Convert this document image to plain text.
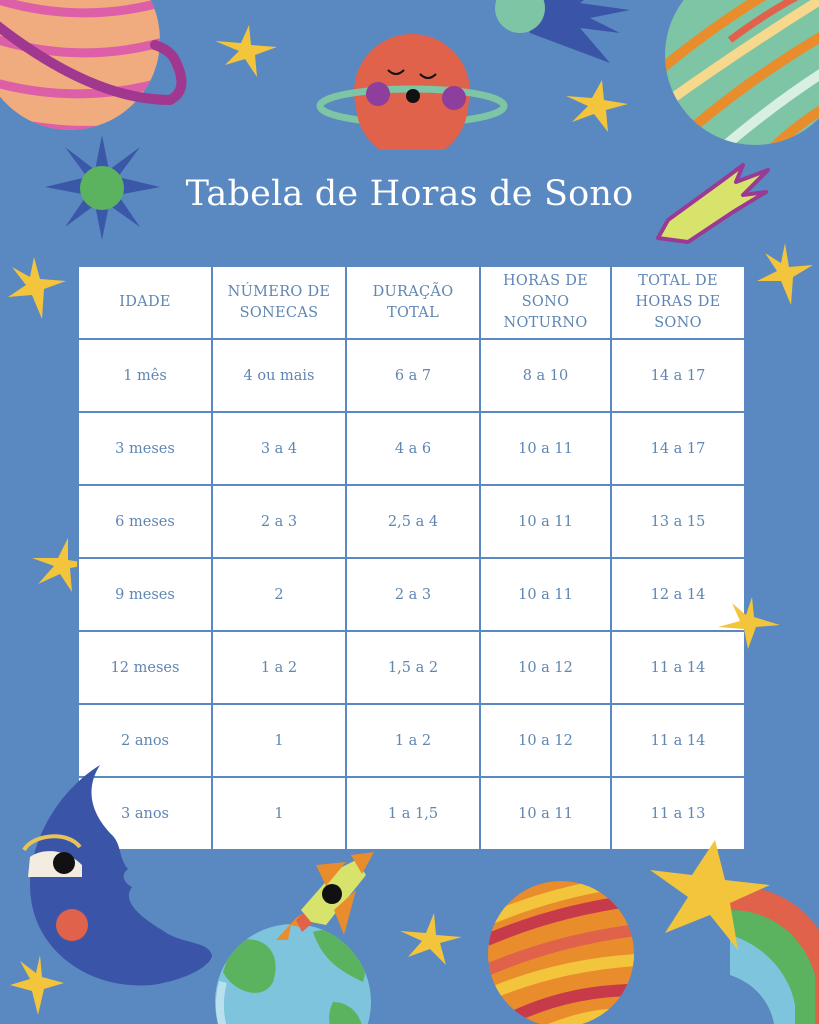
Tabela de Horas de Sono
IDADE	NÚMERO DE SONECAS	DURAÇÃO TOTAL	HORAS DE SONO NOTURNO	TOTAL DE HORAS DE SONO
1 mês	4 ou mais	6 a 7	8 a 10	14 a 17
3 meses	3 a 4	4 a 6	10 a 11	14 a 17
6 meses	2 a 3	2,5 a 4	10 a 11	13 a 15
9 meses	2	2 a 3	10 a 11	12 a 14
12 meses	1 a 2	1,5 a 2	10 a 12	11 a 14
2 anos	1	1 a 2	10 a 12	11 a 14
3 anos	1	1 a 1,5	10 a 11	11 a 13
